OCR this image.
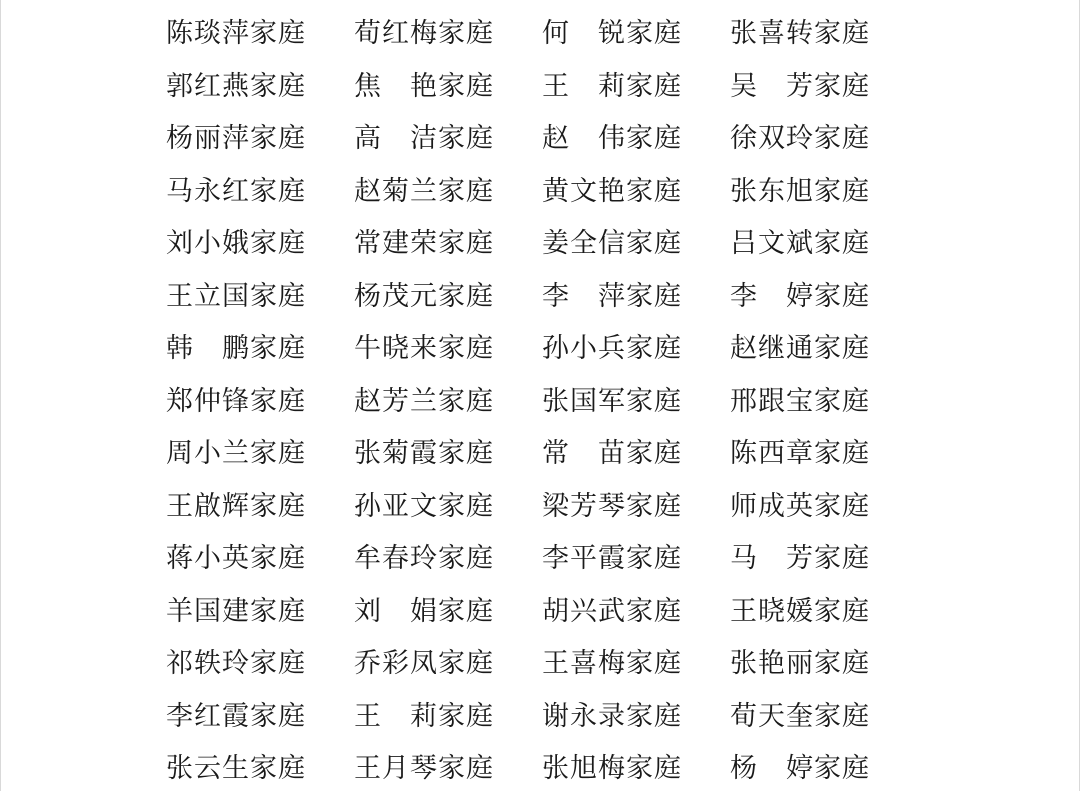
陈琰萍家庭	荀红梅家庭	何　锐家庭	张喜转家庭
郭红燕家庭	焦　艳家庭	王　莉家庭	吴　芳家庭
杨丽萍家庭	高　洁家庭	赵　伟家庭	徐双玲家庭
马永红家庭	赵菊兰家庭	黄文艳家庭	张东旭家庭
刘小娥家庭	常建荣家庭	姜全信家庭	吕文斌家庭
王立国家庭	杨茂元家庭	李　萍家庭	李　婷家庭
韩　鹏家庭	牛晓来家庭	孙小兵家庭	赵继通家庭
郑仲锋家庭	赵芳兰家庭	张国军家庭	邢跟宝家庭
周小兰家庭	张菊霞家庭	常　苗家庭	陈西章家庭
王啟辉家庭	孙亚文家庭	梁芳琴家庭	师成英家庭
蒋小英家庭	牟春玲家庭	李平霞家庭	马　芳家庭
羊国建家庭	刘　娟家庭	胡兴武家庭	王晓媛家庭
祁轶玲家庭	乔彩凤家庭	王喜梅家庭	张艳丽家庭
李红霞家庭	王　莉家庭	谢永录家庭	荀天奎家庭
张云生家庭	王月琴家庭	张旭梅家庭	杨　婷家庭
